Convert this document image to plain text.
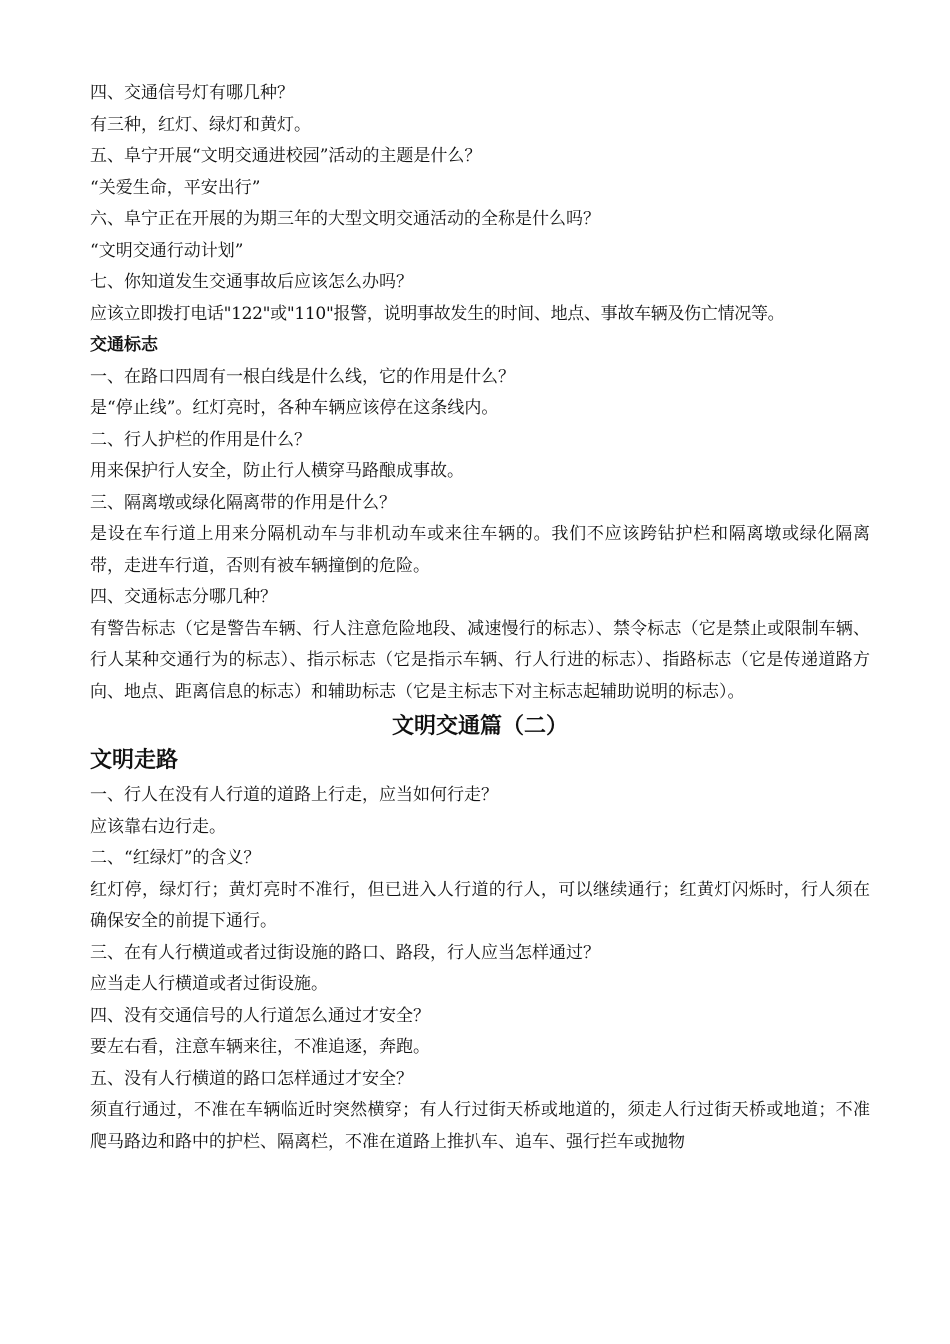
四、交通信号灯有哪几种？
有三种，红灯、绿灯和黄灯。
五、阜宁开展“文明交通进校园”活动的主题是什么？
“关爱生命，平安出行”
六、阜宁正在开展的为期三年的大型文明交通活动的全称是什么吗？
“文明交通行动计划”
七、你知道发生交通事故后应该怎么办吗？
应该立即拨打电话"122"或"110"报警，说明事故发生的时间、地点、事故车辆及伤亡情况等。
交通标志
一、在路口四周有一根白线是什么线，它的作用是什么？
是“停止线”。红灯亮时，各种车辆应该停在这条线内。
二、行人护栏的作用是什么？
用来保护行人安全，防止行人横穿马路酿成事故。
三、隔离墩或绿化隔离带的作用是什么？
是设在车行道上用来分隔机动车与非机动车或来往车辆的。我们不应该跨钻护栏和隔离墩或绿化隔离带，走进车行道，否则有被车辆撞倒的危险。
四、交通标志分哪几种？
有警告标志（它是警告车辆、行人注意危险地段、减速慢行的标志）、禁令标志（它是禁止或限制车辆、行人某种交通行为的标志）、指示标志（它是指示车辆、行人行进的标志）、指路标志（它是传递道路方向、地点、距离信息的标志）和辅助标志（它是主标志下对主标志起辅助说明的标志）。
文明交通篇（二）
文明走路
一、行人在没有人行道的道路上行走，应当如何行走？
应该靠右边行走。
二、“红绿灯”的含义？
红灯停，绿灯行；黄灯亮时不准行，但已进入人行道的行人，可以继续通行；红黄灯闪烁时，行人须在确保安全的前提下通行。
三、在有人行横道或者过街设施的路口、路段，行人应当怎样通过？
应当走人行横道或者过街设施。
四、没有交通信号的人行道怎么通过才安全？
要左右看，注意车辆来往，不准追逐，奔跑。
五、没有人行横道的路口怎样通过才安全？
须直行通过，不准在车辆临近时突然横穿；有人行过街天桥或地道的，须走人行过街天桥或地道；不准爬马路边和路中的护栏、隔离栏，不准在道路上推扒车、追车、强行拦车或抛物
